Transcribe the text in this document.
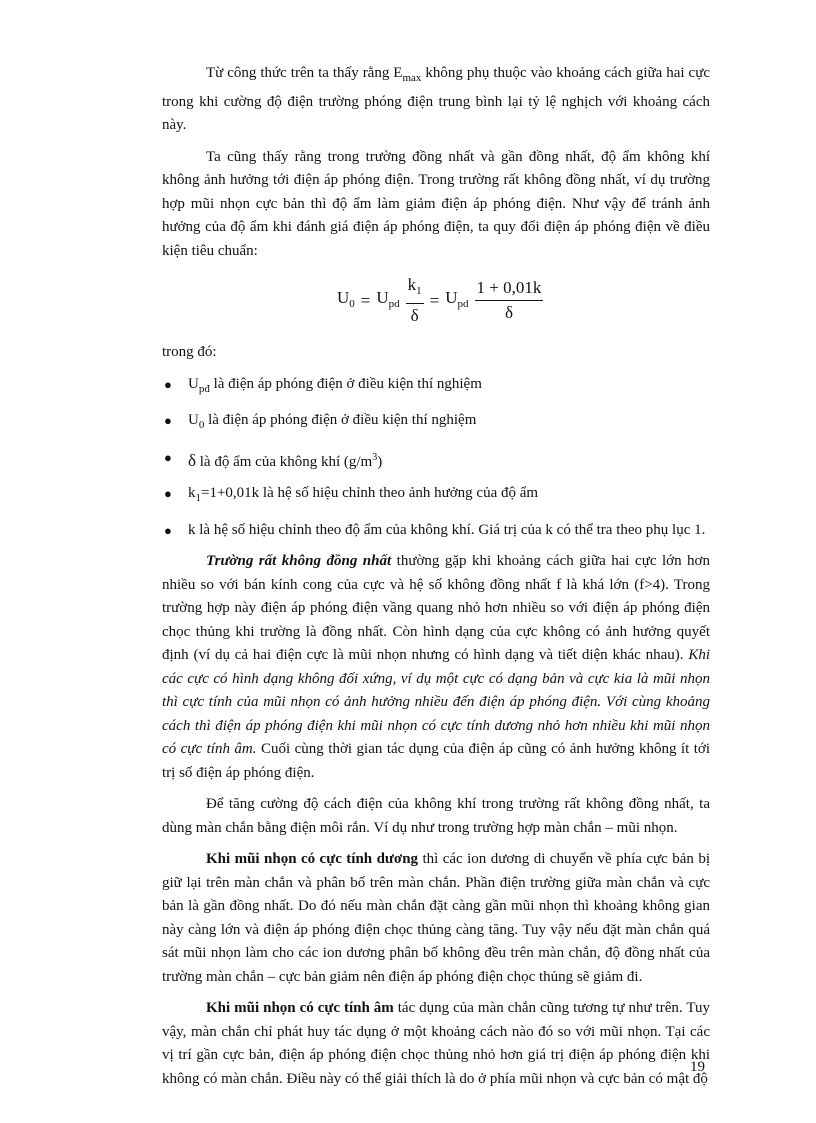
Từ công thức trên ta thấy rằng $E_{max}$ không phụ thuộc vào khoảng cách giữa hai cực trong khi cường độ điện trường phóng điện trung bình lại tỷ lệ nghịch với khoảng cách này.

Ta cũng thấy rằng trong trường đồng nhất và gần đồng nhất, độ ẩm không khí không ảnh hưởng tới điện áp phóng điện. Trong trường rất không đồng nhất, ví dụ trường hợp mũi nhọn cực bản thì độ ẩm làm giảm điện áp phóng điện. Như vậy để tránh ảnh hưởng của độ ẩm khi đánh giá điện áp phóng điện, ta quy đổi điện áp phóng điện về điều kiện tiêu chuẩn:

$U_0 = U_{pd} \frac{k_1}{\delta} = U_{pd} \frac{1 + 0,01k}{\delta}$

trong đó:

● $U_{pđ}$ là điện áp phóng điện ở điều kiện thí nghiệm
● $U_0$ là điện áp phóng điện ở điều kiện thí nghiệm
● δ là độ ẩm của không khí $(g/m^3)$
● $k_1=1+0,01k$ là hệ số hiệu chỉnh theo ảnh hưởng của độ ẩm
● k là hệ số hiệu chỉnh theo độ ẩm của không khí. Giá trị của k có thể tra theo phụ lục 1.

Trường rất không đồng nhất thường gặp khi khoảng cách giữa hai cực lớn hơn nhiều so với bán kính cong của cực và hệ số không đồng nhất f là khá lớn (f>4). Trong trường hợp này điện áp phóng điện vầng quang nhỏ hơn nhiều so với điện áp phóng điện chọc thủng khi trường là đồng nhất. Còn hình dạng của cực không có ảnh hưởng quyết định (ví dụ cả hai điện cực là mũi nhọn nhưng có hình dạng và tiết diện khác nhau). Khi các cực có hình dạng không đối xứng, ví dụ một cực có dạng bản và cực kia là mũi nhọn thì cực tính của mũi nhọn có ảnh hưởng nhiều đến điện áp phóng điện. Với cùng khoảng cách thì điện áp phóng điện khi mũi nhọn có cực tính dương nhỏ hơn nhiều khi mũi nhọn có cực tính âm. Cuối cùng thời gian tác dụng của điện áp cũng có ảnh hưởng không ít tới trị số điện áp phóng điện.

Để tăng cường độ cách điện của không khí trong trường rất không đồng nhất, ta dùng màn chắn bằng điện môi rắn. Ví dụ như trong trường hợp màn chắn – mũi nhọn.

Khi mũi nhọn có cực tính dương thì các ion dương di chuyển về phía cực bản bị giữ lại trên màn chắn và phân bố trên màn chắn. Phần điện trường giữa màn chắn và cực bản là gần đồng nhất. Do đó nếu màn chắn đặt càng gần mũi nhọn thì khoảng không gian này càng lớn và điện áp phóng điện chọc thủng càng tăng. Tuy vậy nếu đặt màn chắn quá sát mũi nhọn làm cho các ion dương phân bố không đều trên màn chắn, độ đồng nhất của trường màn chắn – cực bản giảm nên điện áp phóng điện chọc thủng sẽ giảm đi.

Khi mũi nhọn có cực tính âm tác dụng của màn chắn cũng tương tự như trên. Tuy vậy, màn chắn chỉ phát huy tác dụng ở một khoảng cách nào đó so với mũi nhọn. Tại các vị trí gần cực bản, điện áp phóng điện chọc thủng nhỏ hơn giá trị điện áp phóng điện khi không có màn chắn. Điều này có thể giải thích là do ở phía mũi nhọn và cực bản có mật độ

19
